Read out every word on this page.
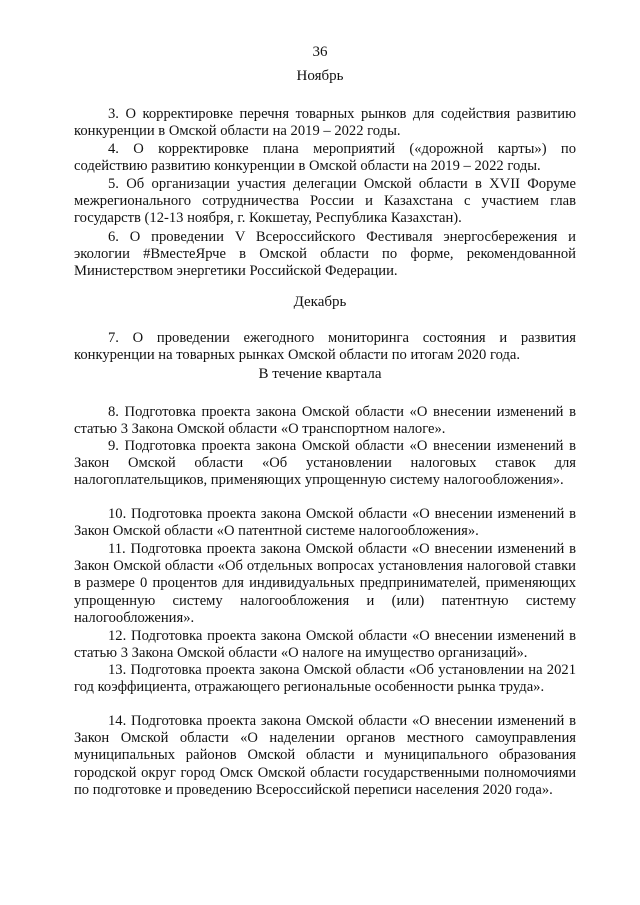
36
Ноябрь
3. О корректировке перечня товарных рынков для содействия развитию конкуренции в Омской области на 2019 – 2022 годы.
4. О корректировке плана мероприятий («дорожной карты») по содействию развитию конкуренции в Омской области на 2019 – 2022 годы.
5. Об организации участия делегации Омской области в XVII Форуме межрегионального сотрудничества России и Казахстана с участием глав государств (12-13 ноября, г. Кокшетау, Республика Казахстан).
6. О проведении V Всероссийского Фестиваля энергосбережения и экологии #ВместеЯрче в Омской области по форме, рекомендованной Министерством энергетики Российской Федерации.
Декабрь
7. О проведении ежегодного мониторинга состояния и развития конкуренции на товарных рынках Омской области по итогам 2020 года.
В течение квартала
8. Подготовка проекта закона Омской области «О внесении изменений в статью 3 Закона Омской области «О транспортном налоге».
9. Подготовка проекта закона Омской области «О внесении изменений в Закон Омской области «Об установлении налоговых ставок для налогоплательщиков, применяющих упрощенную систему налогообложения».
10. Подготовка проекта закона Омской области «О внесении изменений в Закон Омской области «О патентной системе налогообложения».
11. Подготовка проекта закона Омской области «О внесении изменений в Закон Омской области «Об отдельных вопросах установления налоговой ставки в размере 0 процентов для индивидуальных предпринимателей, применяющих упрощенную систему налогообложения и (или) патентную систему налогообложения».
12. Подготовка проекта закона Омской области «О внесении изменений в статью 3 Закона Омской области «О налоге на имущество организаций».
13. Подготовка проекта закона Омской области «Об установлении на 2021 год коэффициента, отражающего региональные особенности рынка труда».
14. Подготовка проекта закона Омской области «О внесении изменений в Закон Омской области «О наделении органов местного самоуправления муниципальных районов Омской области и муниципального образования городской округ город Омск Омской области государственными полномочиями по подготовке и проведению Всероссийской переписи населения 2020 года».
